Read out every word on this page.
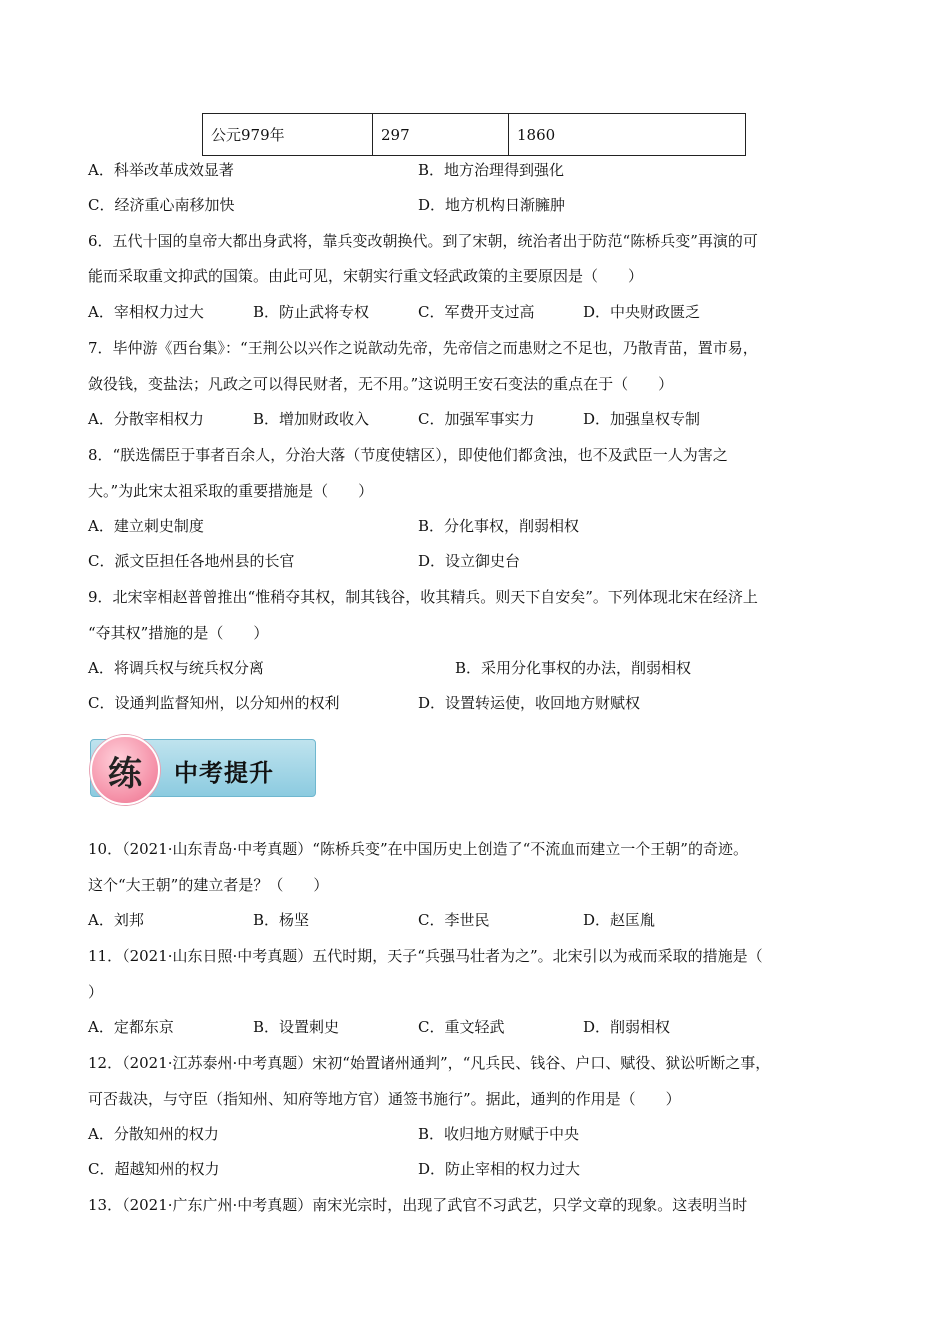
公元979年	297	1860
A．科举改革成效显著	B．地方治理得到强化
C．经济重心南移加快	D．地方机构日渐臃肿
6．五代十国的皇帝大都出身武将，靠兵变改朝换代。到了宋朝，统治者出于防范“陈桥兵变”再演的可
能而采取重文抑武的国策。由此可见，宋朝实行重文轻武政策的主要原因是（　　）
A．宰相权力过大	B．防止武将专权	C．军费开支过高	D．中央财政匮乏
7．毕仲游《西台集》：“王荆公以兴作之说歆动先帝，先帝信之而患财之不足也，乃散青苗，置市易，
敛役钱，变盐法；凡政之可以得民财者，无不用。”这说明王安石变法的重点在于（　　）
A．分散宰相权力	B．增加财政收入	C．加强军事实力	D．加强皇权专制
8．“朕选儒臣于事者百余人，分治大落（节度使辖区），即使他们都贪浊，也不及武臣一人为害之
大。”为此宋太祖采取的重要措施是（　　）
A．建立刺史制度	B．分化事权，削弱相权
C．派文臣担任各地州县的长官	D．设立御史台
9．北宋宰相赵普曾推出“惟稍夺其权，制其钱谷，收其精兵。则天下自安矣”。下列体现北宋在经济上
“夺其权”措施的是（　　）
A．将调兵权与统兵权分离	B．采用分化事权的办法，削弱相权
C．设通判监督知州，以分知州的权利	D．设置转运使，收回地方财赋权
练	中考提升
10．（2021·山东青岛·中考真题）“陈桥兵变”在中国历史上创造了“不流血而建立一个王朝”的奇迹。
这个“大王朝”的建立者是？（　　）
A．刘邦	B．杨坚	C．李世民	D．赵匡胤
11．（2021·山东日照·中考真题）五代时期，天子“兵强马壮者为之”。北宋引以为戒而采取的措施是（
）
A．定都东京	B．设置刺史	C．重文轻武	D．削弱相权
12．（2021·江苏泰州·中考真题）宋初“始置诸州通判”，“凡兵民、钱谷、户口、赋役、狱讼听断之事，
可否裁决，与守臣（指知州、知府等地方官）通签书施行”。据此，通判的作用是（　　）
A．分散知州的权力	B．收归地方财赋于中央
C．超越知州的权力	D．防止宰相的权力过大
13．（2021·广东广州·中考真题）南宋光宗时，出现了武官不习武艺，只学文章的现象。这表明当时
